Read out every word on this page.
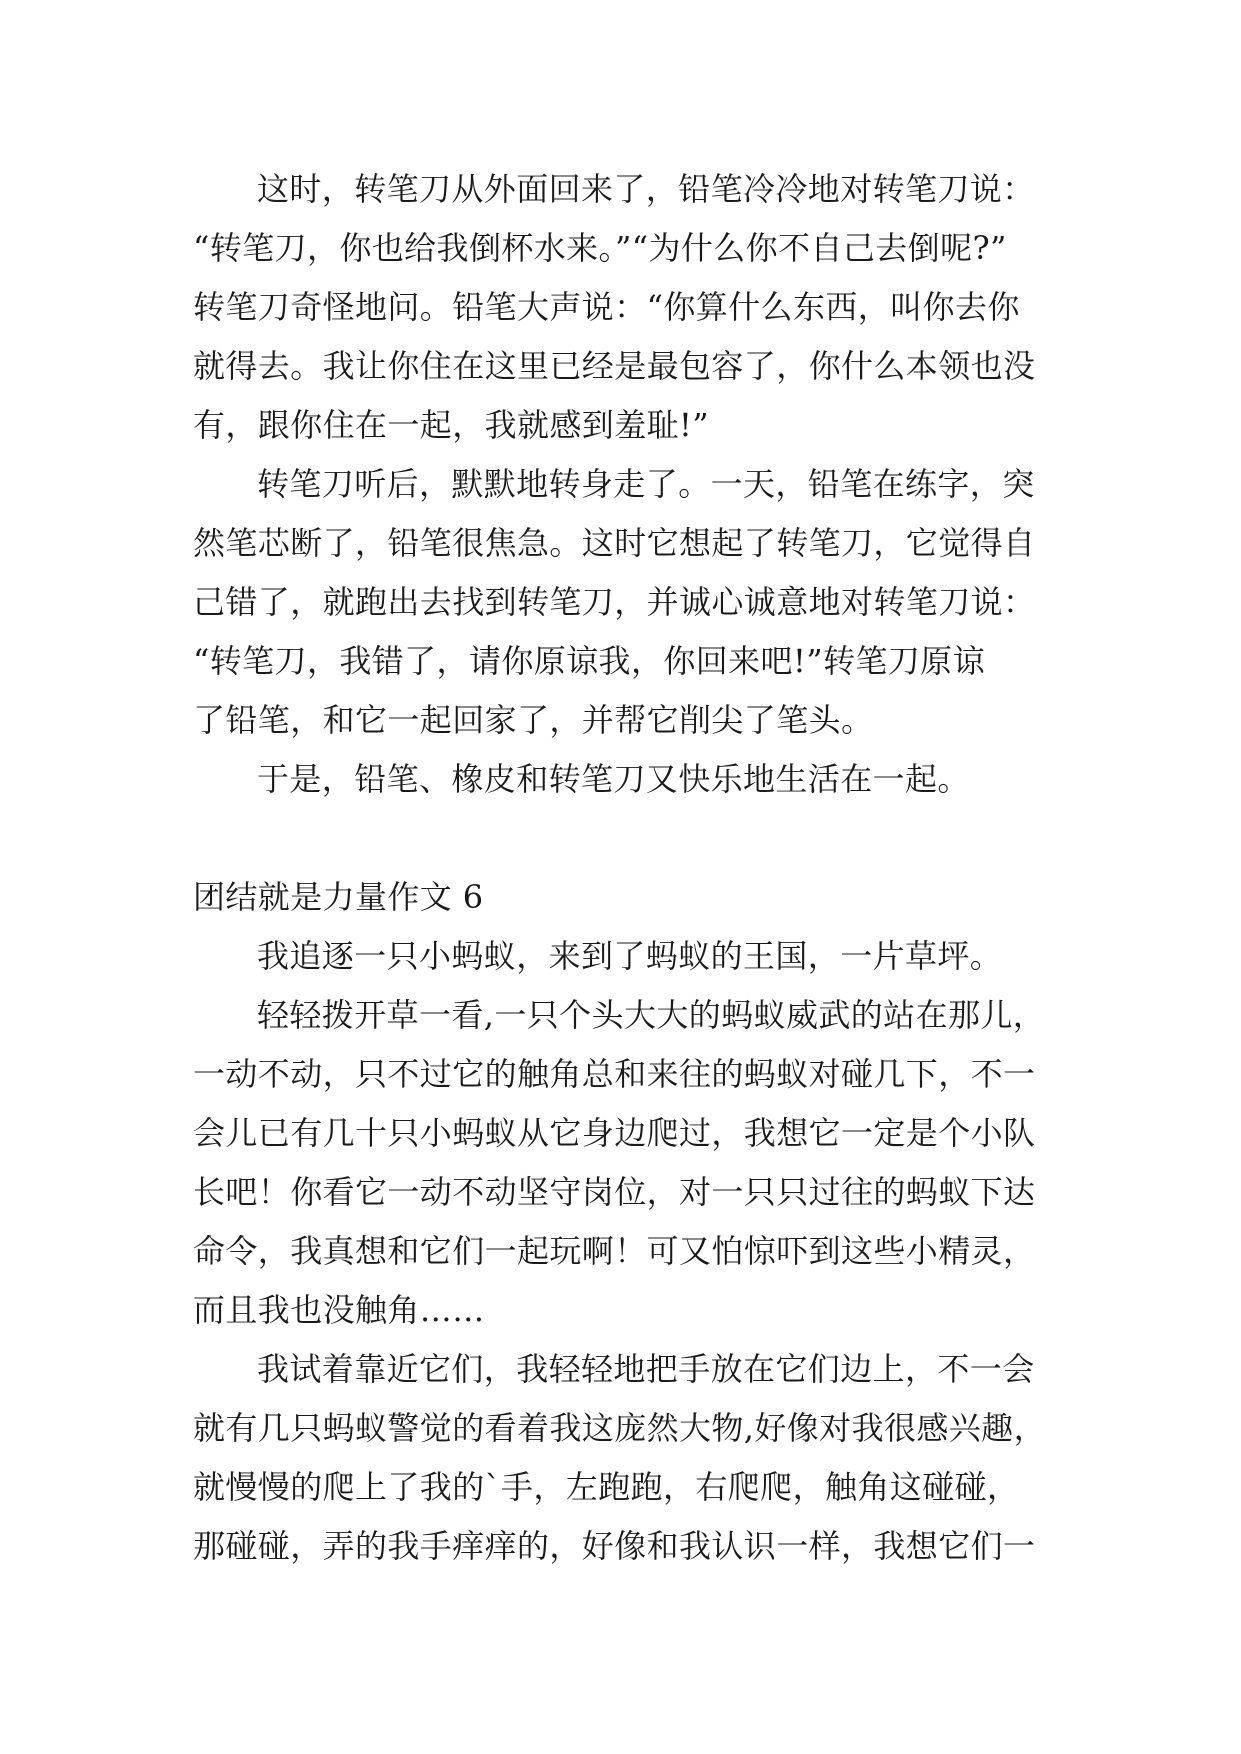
这时，转笔刀从外面回来了，铅笔冷冷地对转笔刀说：
“转笔刀，你也给我倒杯水来。”“为什么你不自己去倒呢?”
转笔刀奇怪地问。铅笔大声说：“你算什么东西，叫你去你
就得去。我让你住在这里已经是最包容了，你什么本领也没
有，跟你住在一起，我就感到羞耻!”
转笔刀听后，默默地转身走了。一天，铅笔在练字，突
然笔芯断了，铅笔很焦急。这时它想起了转笔刀，它觉得自
己错了，就跑出去找到转笔刀，并诚心诚意地对转笔刀说：
“转笔刀，我错了，请你原谅我，你回来吧!”转笔刀原谅
了铅笔，和它一起回家了，并帮它削尖了笔头。
于是，铅笔、橡皮和转笔刀又快乐地生活在一起。
团结就是力量作文 6
我追逐一只小蚂蚁，来到了蚂蚁的王国，一片草坪。
轻轻拨开草一看,一只个头大大的蚂蚁威武的站在那儿，
一动不动，只不过它的触角总和来往的蚂蚁对碰几下，不一
会儿已有几十只小蚂蚁从它身边爬过，我想它一定是个小队
长吧！你看它一动不动坚守岗位，对一只只过往的蚂蚁下达
命令，我真想和它们一起玩啊！可又怕惊吓到这些小精灵，
而且我也没触角……
我试着靠近它们，我轻轻地把手放在它们边上，不一会
就有几只蚂蚁警觉的看着我这庞然大物,好像对我很感兴趣，
就慢慢的爬上了我的`手，左跑跑，右爬爬，触角这碰碰，
那碰碰，弄的我手痒痒的，好像和我认识一样，我想它们一
